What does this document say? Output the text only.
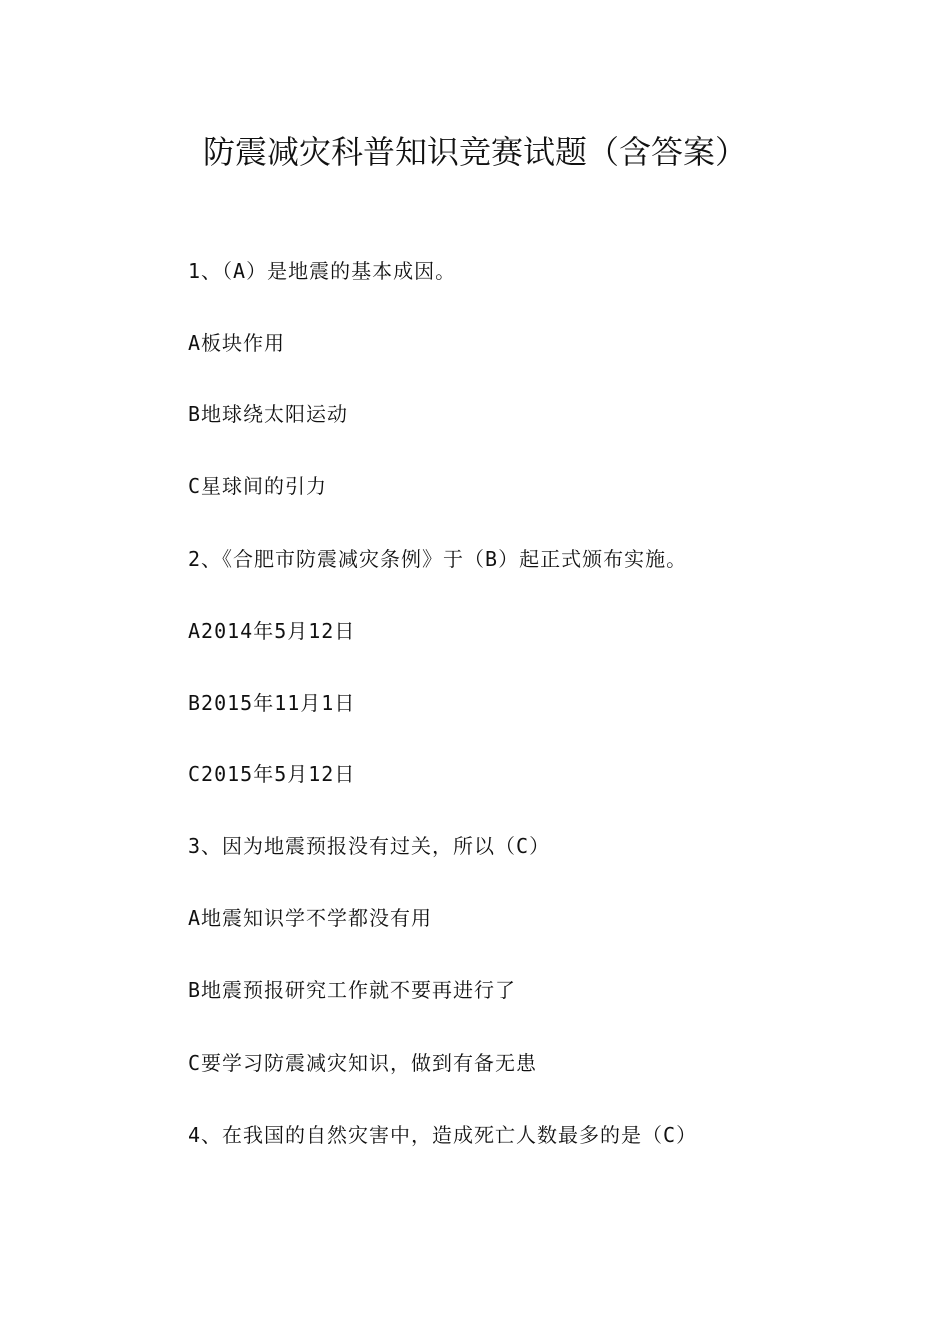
防震减灾科普知识竞赛试题（含答案）
1、（A）是地震的基本成因。
A板块作用
B地球绕太阳运动
C星球间的引力
2、《合肥市防震减灾条例》于（B）起正式颁布实施。
A2014年5月12日
B2015年11月1日
C2015年5月12日
3、因为地震预报没有过关，所以（C）
A地震知识学不学都没有用
B地震预报研究工作就不要再进行了
C要学习防震减灾知识，做到有备无患
4、在我国的自然灾害中，造成死亡人数最多的是（C）
